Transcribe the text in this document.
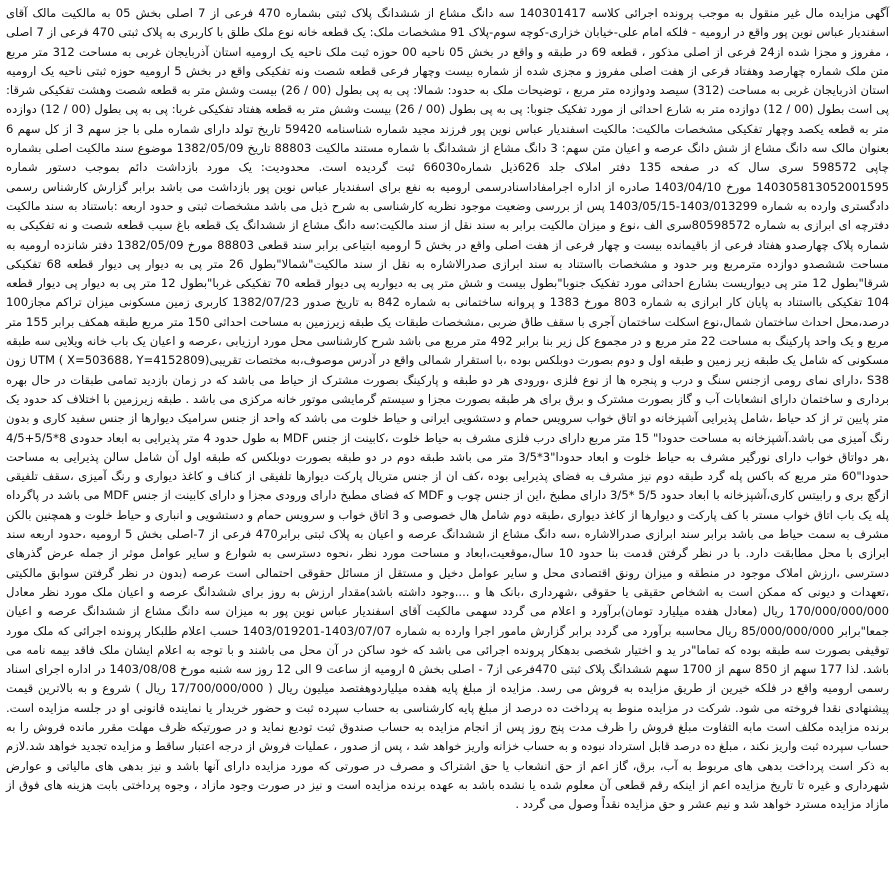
آگهی مزایده مال غیر منقول به موجب پرونده اجرائی کلاسه 140301417 سه دانگ مشاع از ششدانگ پلاک ثبتی بشماره 470 فرعی از 7 اصلی بخش 05 به مالکیت مالک آقای اسفندیار عباس نوین پور واقع در ارومیه - فلکه امام علی-خیابان خزاری-کوچه سوم-پلاک 91 مشخصات ملک: یک قطعه خانه نوع ملک طلق با کاربری به پلاک ثبتی 470 فرعی از 7 اصلی ، مفروز و مجزا شده از24 فرعی از اصلی مذکور ، قطعه 69 در طبقه و واقع در بخش 05 ناحیه 00 حوزه ثبت ملک ناحیه یک ارومیه استان آذربایجان غربی به مساحت 312 متر مربع متن ملک شماره چهارصد وهفتاد فرعی از هفت اصلی مفروز و مجزی شده از شماره بیست وچهار فرعی قطعه شصت ونه تفکیکی واقع در بخش 5 ارومیه حوزه ثبتی ناحیه یک ارومیه استان اذربایجان غربی به مساحت (312) سیصد ودوازده متر مربع ، توضیحات ملک به حدود: شمالا: پی به پی بطول (00 / 26) بیست وشش متر به قطعه شصت وهشت تفکیکی شرقا: پی است بطول (00 / 12) دوازده متر به شارع احداثی از مورد تفکیک جنوبا: پی به پی بطول (00 / 26) بیست وشش متر به قطعه هفتاد تفکیکی غربا: پی به پی بطول (00 / 12) دوازده متر به قطعه یکصد وچهار تفکیکی مشخصات مالکیت: مالکیت اسفندیار عباس نوین پور فرزند مجید شماره شناسنامه 59420 تاریخ تولد دارای شماره ملی با جز سهم 3 از کل سهم 6 بعنوان مالک سه دانگ مشاع از شش دانگ عرصه و اعیان متن سهم: 3 دانگ مشاع از ششدانگ با شماره مستند مالکیت 88803 تاریخ 1382/05/09 موضوع سند مالکیت اصلی بشماره چاپی 598572 سری سال که در صفحه 135 دفتر املاک جلد 626ذیل شماره66030 ثبت گردیده است. محدودیت: یک مورد بازداشت دائم بموجب دستور شماره 140305813052001595 مورخ 1403/04/10 صادره از اداره اجرامفاداسنادرسمی ارومیه به نفع برای اسفندیار عباس نوین پور بازداشت می باشد برابر گزارش کارشناس رسمی دادگستری وارده به شماره 1403/013299-1403/05/15 پس از بررسی وضعیت موجود نظریه کارشناسی به شرح ذیل می باشد مشخصات ثبتی و حدود اربعه :باستناد به سند مالکیت دفترچه ای ابرازی به شماره 80598572سری الف ،نوع و میزان مالکیت برابر به سند نقل از سند مالکیت:سه دانگ مشاع از ششدانگ یک قطعه باغ سیب قطعه شصت و نه تفکیکی به شماره پلاک چهارصدو هفتاد فرعی از باقیمانده بیست و چهار فرعی از هفت اصلی واقع در بخش 5 ارومیه ابتیاعی برابر سند قطعی 88803 مورخ 1382/05/09 دفتر شانزده ارومیه به مساحت ششصدو دوازده مترمربع وبر حدود و مشخصات بااستناد به سند ابرازی صدرالاشاره به نقل از سند مالکیت"شمالا"بطول 26 متر پی به دیوار پی دیوار قطعه 68 تفکیکی شرقا"بطول 12 متر پی دیواریست بشارع احداثی مورد تفکیک جنوبا"بطول بیست و شش متر پی به دیواربه پی دیوار قطعه 70 تفکیکی غربا"بطول 12 متر پی به دیوار پی دیوار قطعه 104 تفکیکی بااستناد به پایان کار ابرازی به شماره 803 مورخ 1383 و پروانه ساختمانی به شماره 842 به تاریخ صدور 1382/07/23 کاربری زمین مسکونی میزان تراکم مجاز100 درصد،محل احداث ساختمان شمال،نوع اسکلت ساختمان آجری با سقف طاق ضربی ،مشخصات طبقات یک طبقه زیرزمین به مساحت احداثی 150 متر مربع طبقه همکف برابر 155 متر مربع و یک واحد پارکینگ به مساحت 22 متر مربع و در مجموع کل زیر بنا برابر 492 متر مربع می باشد شرح کارشناسی محل مورد ارزیابی ،عرصه و اعیان یک باب خانه ویلایی سه طبقه مسکونی که شامل یک طبقه زیر زمین و طبقه اول و دوم بصورت دوبلکس بوده ،با استقرار شمالی واقع در آدرس موصوف،به مختصات تقریبی(UTM ( X=503688، Y=4152809 زون S38 ،دارای نمای رومی ازجنس سنگ و درب و پنجره ها از نوع فلزی ،ورودی هر دو طبقه و پارکینگ بصورت مشترک از حیاط می باشد که در زمان بازدید تمامی طبقات در حال بهره برداری و ساختمان دارای انشعابات آب و گاز بصورت مشترک و برق برای هر طبقه بصورت مجزا و سیستم گرمایشی موتور خانه مرکزی می باشد . طبقه زیرزمین با اختلاف کد حدود یک متر پایین تر از کد حیاط ،شامل پذیرایی آشپزخانه دو اتاق خواب سرویس حمام و دستشویی ایرانی و حیاط خلوت می باشد که واحد از جنس سرامیک دیوارها از جنس سفید کاری و بدون رنگ آمیزی می باشد.آشپزخانه به مساحت حدودا" 15 متر مربع دارای درب فلزی مشرف به حیاط خلوت ،کابینت از جنس MDF به طول حدود 4 متر پذیرایی به ابعاد حدودی 8*5/5+4/5 ،هر دواتاق خواب دارای نورگیر مشرف به حیاط خلوت و ابعاد حدودا"3*3/5 متر می باشد طبقه دوم در دو طبقه بصورت دوبلکس که طبقه اول آن شامل سالن پذیرایی به مساحت حدودا"60 متر مربع که باکس پله گرد طبقه دوم نیز مشرف به فضای پذیرایی بوده ،کف ان از جنس متریال پارکت دیوارها تلفیقی از کناف و کاغذ دیواری و رنگ آمیزی ،سقف تلفیقی ازگچ بری و رابیتس کاری،آشپزخانه با ابعاد حدود 5/5 *3/5 دارای مطبخ ،این از جنس چوب و MDF که فضای مطبخ دارای ورودی مجزا و دارای کابینت از جنس MDF می باشد در پاگرداه پله یک باب اتاق خواب مستر با کف پارکت و دیوارها از کاغذ دیواری ،طبقه دوم شامل هال خصوصی و 3 اتاق خواب و سرویس حمام و دستشویی و انباری و حیاط خلوت و همچنین بالکن مشرف به سمت حیاط می باشد برابر سند ابرازی صدرالاشاره ،سه دانگ مشاع از ششدانگ عرصه و اعیان به پلاک ثبتی برابر470 فرعی از 7-اصلی بخش 5 ارومیه ،حدود اربعه سند ابرازی با محل مطابقت دارد. با در نظر گرفتن قدمت بنا حدود 10 سال،موقعیت،ابعاد و مساحت مورد نظر ،نحوه دسترسی به شوارع و سایر عوامل موثر از جمله عرض گذرهای دسترسی ،ارزش املاک موجود در منطقه و میزان رونق اقتصادی محل و سایر عوامل دخیل و مستقل از مسائل حقوقی احتمالی است عرصه (بدون در نظر گرفتن سوابق مالکیتی ،تعهدات و دیونی که ممکن است به اشخاص حقیقی یا حقوقی ،شهرداری ،بانک ها و ....وجود داشته باشد)مقدار ارزش به روز برای ششدانگ عرصه و اعیان ملک مورد نظر معادل 170/000/000/000 ریال (معادل هفده میلیارد تومان)برآورد و اعلام می گردد سهمی مالکیت آقای اسفندیار عباس نوین پور به میزان سه دانگ مشاع از ششدانگ عرصه و اعیان جمعا"برابر 85/000/000/000 ریال محاسبه برآورد می گردد برابر گزارش مامور اجرا وارده به شماره 1403/07/07-1403/019201 حسب اعلام طلبکار پرونده اجرائی که ملک مورد توقیفی بصورت سه طبقه بوده که تماما"در ید و اختیار شخصی بدهکار پرونده اجرائی می باشد که خود ساکن در آن محل می باشند و با توجه به اعلام ایشان ملک فاقد بیمه نامه می باشد. لذا 177 سهم از 850 سهم از 1700 سهم ششدانگ پلاک ثبتی 470فرعی از7 - اصلی بخش ۵ ارومیه از ساعت 9 الی 12 روز سه شنبه مورخ 1403/08/08 در اداره اجرای اسناد رسمی ارومیه واقع در فلکه خیرین از طریق مزایده به فروش می رسد. مزایده از مبلغ پایه هفده میلیاردوهفتصد میلیون ریال ( 17/700/000/000 ریال ) شروع و به بالاترین قیمت پیشنهادی نقدا فروخته می شود. شرکت در مزایده منوط به پرداخت ده درصد از مبلغ پایه کارشناسی به حساب سپرده ثبت و حضور خریدار یا نماینده قانونی او در جلسه مزایده است. برنده مزایده مکلف است مابه التفاوت مبلغ فروش را ظرف مدت پنج روز پس از انجام مزایده به حساب صندوق ثبت تودیع نماید و در صورتیکه ظرف مهلت مقرر مانده فروش را به حساب سپرده ثبت واریز نکند ، مبلغ ده درصد قابل استرداد نبوده و به حساب خزانه واریز خواهد شد ، پس از صدور ، عملیات فروش از درجه اعتبار ساقط و مزایده تجدید خواهد شد.لازم به ذکر است پرداخت بدهی های مربوط به آب، برق، گاز اعم از حق انشعاب یا حق اشتراک و مصرف در صورتی که مورد مزایده دارای آنها باشد و نیز بدهی های مالیاتی و عوارض شهرداری و غیره تا تاریخ مزایده اعم از اینکه رقم قطعی آن معلوم شده یا نشده باشد به عهده برنده مزایده است و نیز در صورت وجود مازاد ، وجوه پرداختی بابت هزینه های فوق از مازاد مزایده مسترد خواهد شد و نیم عشر و حق مزایده نقداً وصول می گردد .
